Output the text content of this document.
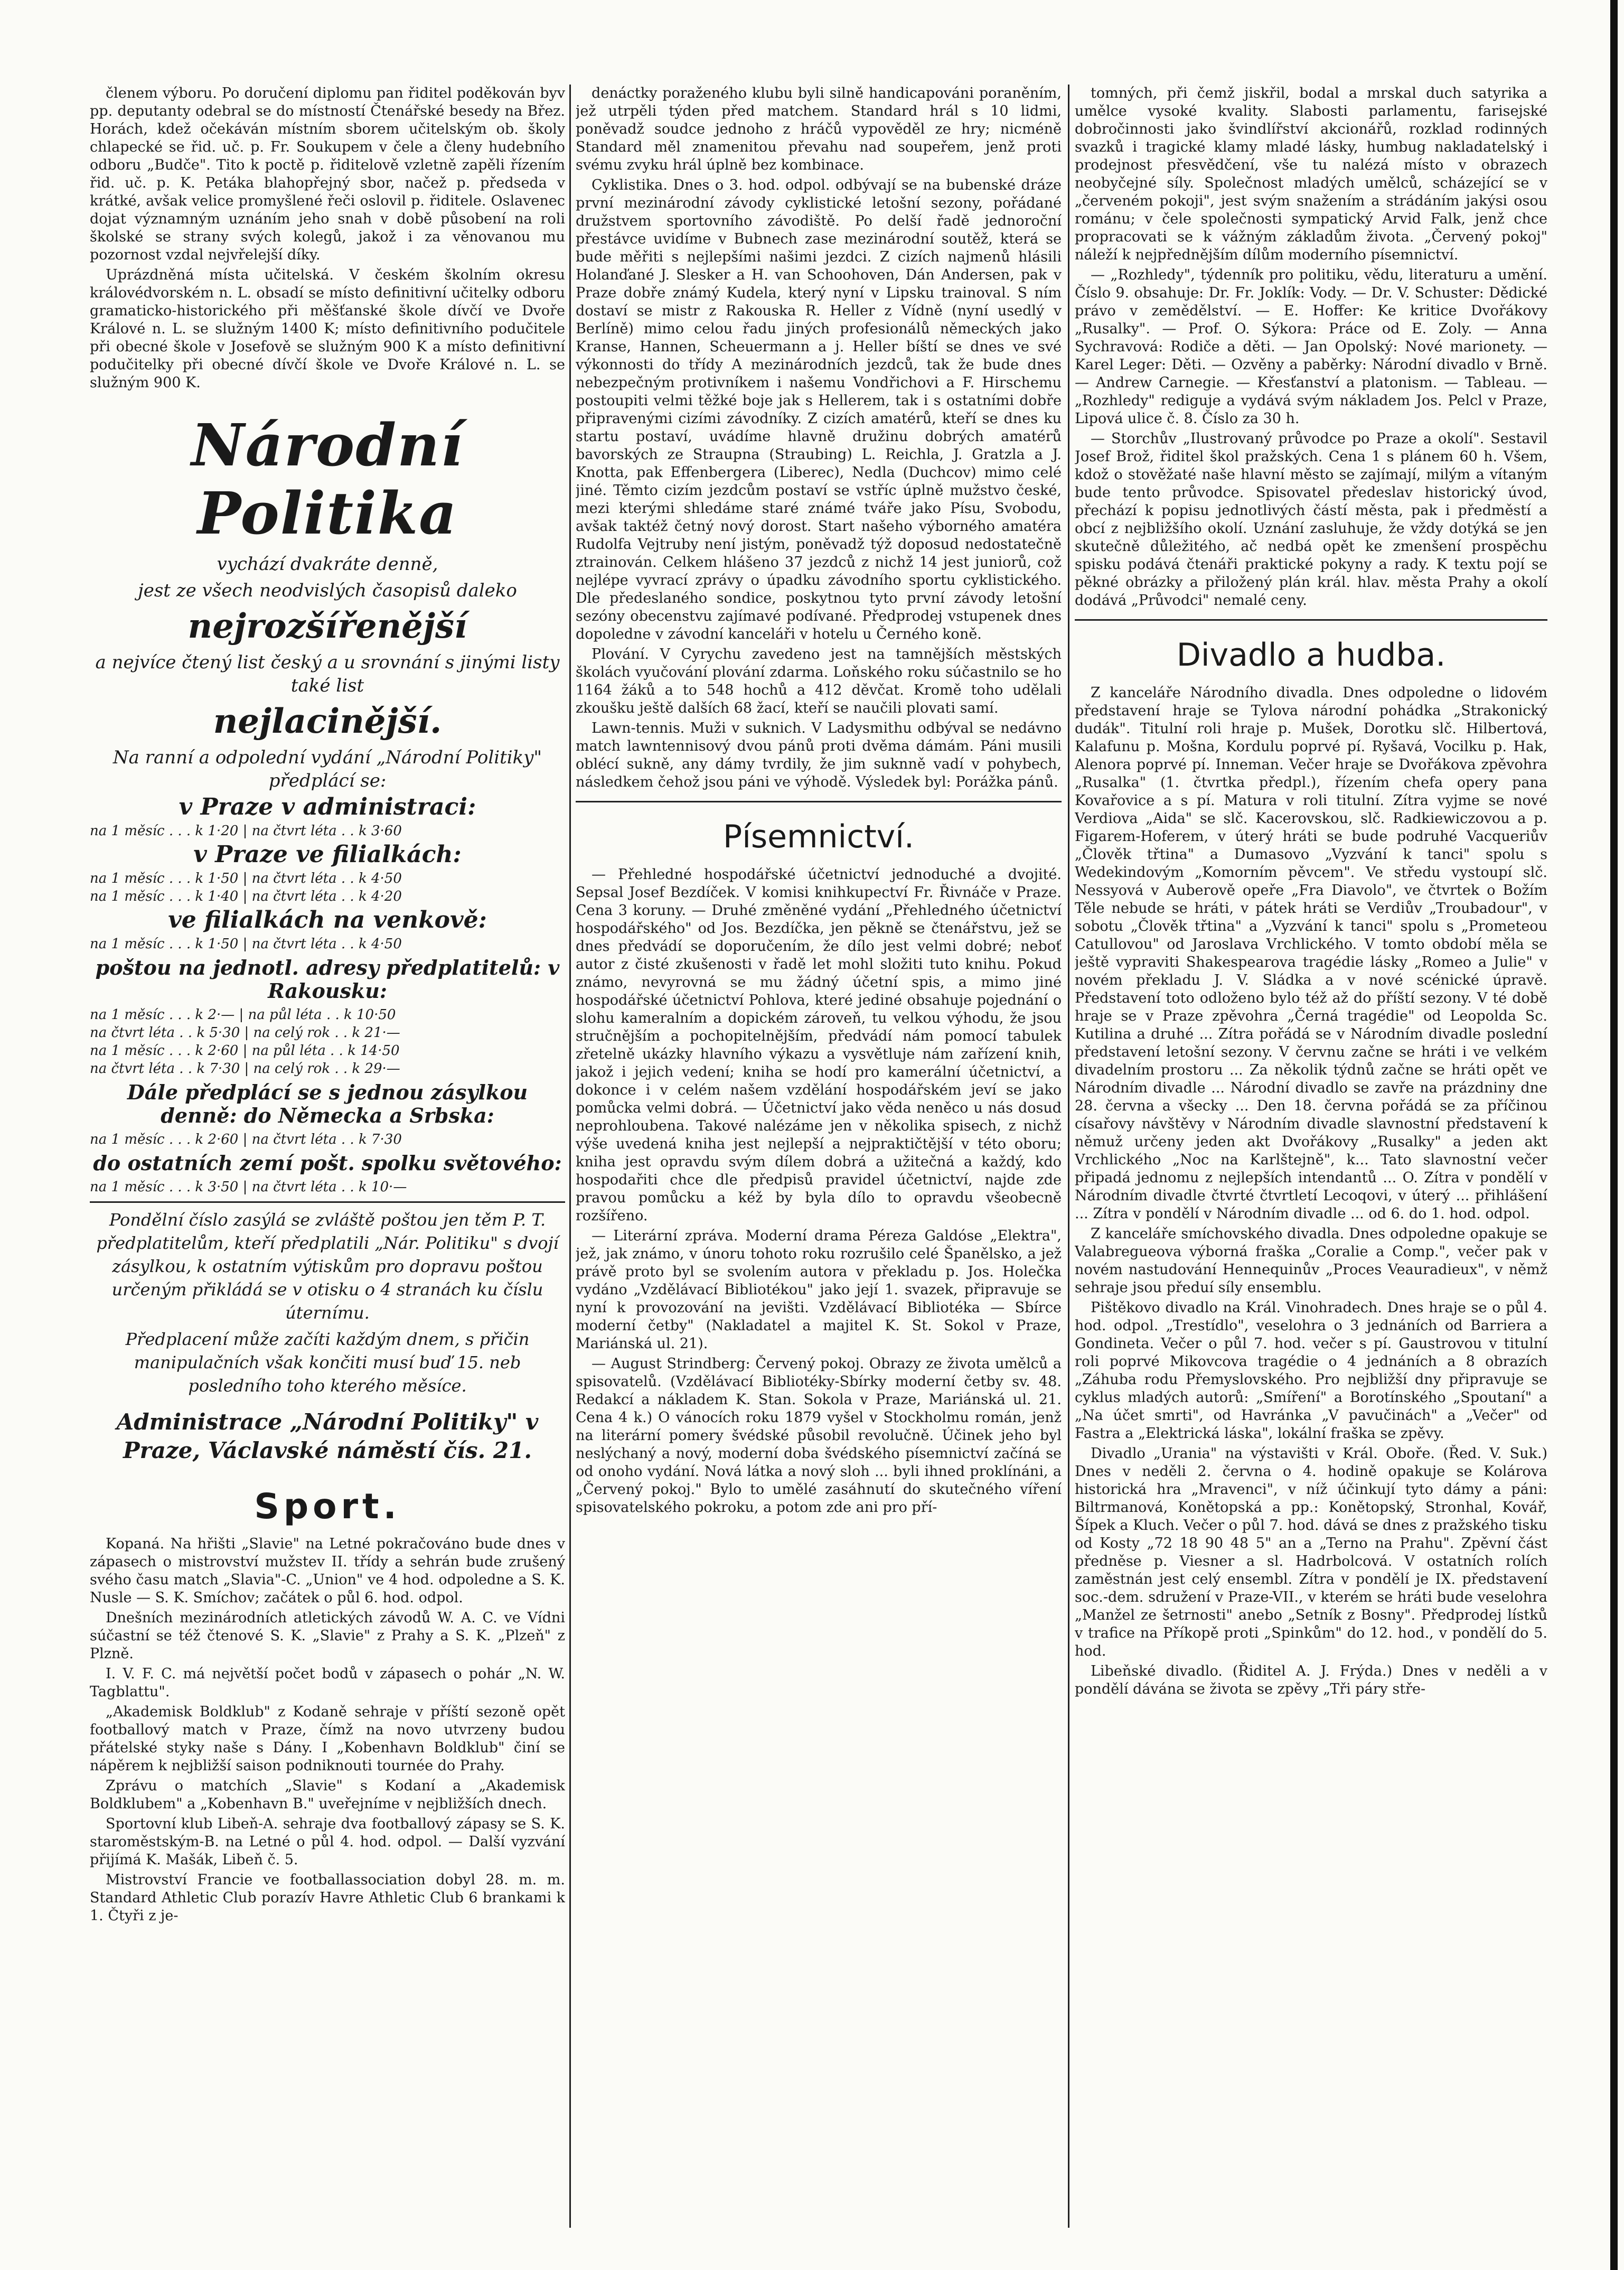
členem výboru. Po doručení diplomu pan řiditel poděkován byv pp. deputanty odebral se do místností Čtenářské besedy na Břez. Horách, kdež očekáván místním sborem učitelským ob. školy chlapecké se řid. uč. p. Fr. Soukupem v čele a členy hudebního odboru „Budče". Tito k poctě p. řiditelově vzletně zapěli řízením řid. uč. p. K. Petáka blahopřejný sbor, načež p. předseda v krátké, avšak velice promyšlené řeči oslovil p. řiditele. Oslavenec dojat významným uznáním jeho snah v době působení na roli školské se strany svých kolegů, jakož i za věnovanou mu pozornost vzdal nejvřelejší díky.

Uprázdněná místa učitelská. V českém školním okresu královédvorském n. L. obsadí se místo definitivní učitelky odboru gramaticko-historického při měšťanské škole dívčí ve Dvoře Králové n. L. se služným 1400 K; místo definitivního podučitele při obecné škole v Josefově se služným 900 K a místo definitivní podučitelky při obecné dívčí škole ve Dvoře Králové n. L. se služným 900 K.

Národní Politika
vychází dvakráte denně,
jest ze všech neodvislých časopisů daleko
nejrozšířenější
a nejvíce čtený list český a u srovnání s jinými listy také list
nejlacinější.
Na ranní a odpolední vydání „Národní Politiky" předplácí se:
v Praze v administraci:

na 1 měsíc . . . k 1·20 | na čtvrt léta . . k 3·60

v Praze ve filialkách:

na 1 měsíc . . . k 1·50 | na čtvrt léta . . k 4·50

na 1 měsíc . . . k 1·40 | na čtvrt léta . . k 4·20

ve filialkách na venkově:

na 1 měsíc . . . k 1·50 | na čtvrt léta . . k 4·50

poštou na jednotl. adresy předplatitelů: v Rakousku:

na 1 měsíc . . . k 2·— | na půl léta . . k 10·50

na čtvrt léta . . k 5·30 | na celý rok . . k 21·—

na 1 měsíc . . . k 2·60 | na půl léta . . k 14·50

na čtvrt léta . . k 7·30 | na celý rok . . k 29·—

Dále předplácí se s jednou zásylkou denně: do Německa a Srbska:

na 1 měsíc . . . k 2·60 | na čtvrt léta . . k 7·30

do ostatních zemí pošt. spolku světového:

na 1 měsíc . . . k 3·50 | na čtvrt léta . . k 10·—

Pondělní číslo zasýlá se zvláště poštou jen těm P. T. předplatitelům, kteří předplatili „Nár. Politiku" s dvojí zásylkou, k ostatním výtiskům pro dopravu poštou určeným přikládá se v otisku o 4 stranách ku číslu úternímu.
Předplacení může začíti každým dnem, s přičin manipulačních však končiti musí buď 15. neb posledního toho kterého měsíce.
Administrace „Národní Politiky" v Praze, Václavské náměstí čís. 21.
Sport.

Kopaná. Na hřišti „Slavie" na Letné pokračováno bude dnes v zápasech o mistrovství mužstev II. třídy a sehrán bude zrušený svého času match „Slavia"-C. „Union" ve 4 hod. odpoledne a S. K. Nusle — S. K. Smíchov; začátek o půl 6. hod. odpol.

Dnešních mezinárodních atletických závodů W. A. C. ve Vídni súčastní se též čtenové S. K. „Slavie" z Prahy a S. K. „Plzeň" z Plzně.

I. V. F. C. má největší počet bodů v zápasech o pohár „N. W. Tagblattu".

„Akademisk Boldklub" z Kodaně sehraje v příští sezoně opět footballový match v Praze, čímž na novo utvrzeny budou přátelské styky naše s Dány. I „Kobenhavn Boldklub" činí se nápěrem k nejbližší saison podniknouti tournée do Prahy.

Zprávu o matchích „Slavie" s Kodaní a „Akademisk Boldklubem" a „Kobenhavn B." uveřejníme v nejbližších dnech.

Sportovní klub Libeň-A. sehraje dva footballový zápasy se S. K. staroměstským-B. na Letné o půl 4. hod. odpol. — Další vyzvání přijímá K. Mašák, Libeň č. 5.

Mistrovství Francie ve footballassociation dobyl 28. m. m. Standard Athletic Club porazív Havre Athletic Club 6 brankami k 1. Čtyři z je-

denáctky poraženého klubu byli silně handicapováni poraněním, jež utrpěli týden před matchem. Standard hrál s 10 lidmi, poněvadž soudce jednoho z hráčů vypověděl ze hry; nicméně Standard měl znamenitou převahu nad soupeřem, jenž proti svému zvyku hrál úplně bez kombinace.

Cyklistika. Dnes o 3. hod. odpol. odbývají se na bubenské dráze první mezinárodní závody cyklistické letošní sezony, pořádané družstvem sportovního závodiště. Po delší řadě jednoroční přestávce uvidíme v Bubnech zase mezinárodní soutěž, která se bude měřiti s nejlepšími našimi jezdci. Z cizích najmenů hlásili Holanďané J. Slesker a H. van Schoohoven, Dán Andersen, pak v Praze dobře známý Kudela, který nyní v Lipsku trainoval. S ním dostaví se mistr z Rakouska R. Heller z Vídně (nyní usedlý v Berlíně) mimo celou řadu jiných profesionálů německých jako Kranse, Hannen, Scheuermann a j. Heller bíští se dnes ve své výkonnosti do třídy A mezinárodních jezdců, tak že bude dnes nebezpečným protivníkem i našemu Vondřichovi a F. Hirschemu postoupiti velmi těžké boje jak s Hellerem, tak i s ostatními dobře připravenými cizími závodníky. Z cizích amatérů, kteří se dnes ku startu postaví, uvádíme hlavně družinu dobrých amatérů bavorských ze Straupna (Straubing) L. Reichla, J. Gratzla a J. Knotta, pak Effenbergera (Liberec), Nedla (Duchcov) mimo celé jiné. Těmto cizím jezdcům postaví se vstříc úplně mužstvo české, mezi kterými shledáme staré známé tváře jako Písu, Svobodu, avšak taktéž četný nový dorost. Start našeho výborného amatéra Rudolfa Vejtruby není jistým, poněvadž týž doposud nedostatečně ztrainován. Celkem hlášeno 37 jezdců z nichž 14 jest juniorů, což nejlépe vyvrací zprávy o úpadku závodního sportu cyklistického. Dle předeslaného sondice, poskytnou tyto první závody letošní sezóny obecenstvu zajímavé podívané. Předprodej vstupenek dnes dopoledne v závodní kanceláři v hotelu u Černého koně.

Plování. V Cyrychu zavedeno jest na tamnějších městských školách vyučování plování zdarma. Loňského roku súčastnilo se ho 1164 žáků a to 548 hochů a 412 děvčat. Kromě toho udělali zkoušku ještě dalších 68 žací, kteří se naučili plovati samí.

Lawn-tennis. Muži v suknich. V Ladysmithu odbýval se nedávno match lawntennisový dvou pánů proti dvěma dámám. Páni musili oblécí sukně, any dámy tvrdily, že jim suknně vadí v pohybech, následkem čehož jsou páni ve výhodě. Výsledek byl: Porážka pánů.

Písemnictví.

— Přehledné hospodářské účetnictví jednoduché a dvojité. Sepsal Josef Bezdíček. V komisi knihkupectví Fr. Řivnáče v Praze. Cena 3 koruny. — Druhé změněné vydání „Přehledného účetnictví hospodářského" od Jos. Bezdíčka, jen pěkně se čtenářstvu, jež se dnes předvádí se doporučením, že dílo jest velmi dobré; neboť autor z čisté zkušenosti v řadě let mohl složiti tuto knihu. Pokud známo, nevyrovná se mu žádný účetní spis, a mimo jiné hospodářské účetnictví Pohlova, které jediné obsahuje pojednání o slohu kameralním a dopickém zároveň, tu velkou výhodu, že jsou stručnějším a pochopitelnějším, předvádí nám pomocí tabulek zřetelně ukázky hlavního výkazu a vysvětluje nám zařízení knih, jakož i jejich vedení; kniha se hodí pro kamerální účetnictví, a dokonce i v celém našem vzdělání hospodářském jeví se jako pomůcka velmi dobrá. — Účetnictví jako věda neněco u nás dosud neprohloubena. Takové nalézáme jen v několika spisech, z nichž výše uvedená kniha jest nejlepší a nejpraktičtější v této oboru; kniha jest opravdu svým dílem dobrá a užitečná a každý, kdo hospodařiti chce dle předpisů pravidel účetnictví, najde zde pravou pomůcku a kéž by byla dílo to opravdu všeobecně rozšířeno.

— Literární zpráva. Moderní drama Péreza Galdóse „Elektra", jež, jak známo, v únoru tohoto roku rozrušilo celé Španělsko, a jež právě proto byl se svolením autora v překladu p. Jos. Holečka vydáno „Vzdělávací Bibliotékou" jako její 1. svazek, připravuje se nyní k provozování na jevišti. Vzdělávací Bibliotéka — Sbírce moderní četby" (Nakladatel a majitel K. St. Sokol v Praze, Mariánská ul. 21).

— August Strindberg: Červený pokoj. Obrazy ze života umělců a spisovatelů. (Vzdělávací Bibliotéky-Sbírky moderní četby sv. 48. Redakcí a nákladem K. Stan. Sokola v Praze, Mariánská ul. 21. Cena 4 k.) O vánocích roku 1879 vyšel v Stockholmu román, jenž na literární pomery švédské působil revolučně. Účinek jeho byl neslýchaný a nový, moderní doba švédského písemnictví začíná se od onoho vydání. Nová látka a nový sloh ... byli ihned proklínáni, a „Červený pokoj." Bylo to umělé zasáhnutí do skutečného víření spisovatelského pokroku, a potom zde ani pro pří-

tomných, při čemž jiskřil, bodal a mrskal duch satyrika a umělce vysoké kvality. Slabosti parlamentu, farisejské dobročinnosti jako švindlířství akcionářů, rozklad rodinných svazků i tragické klamy mladé lásky, humbug nakladatelský i prodejnost přesvědčení, vše tu nalézá místo v obrazech neobyčejné síly. Společnost mladých umělců, scházející se v „červeném pokoji", jest svým snažením a strádáním jakýsi osou románu; v čele společnosti sympatický Arvid Falk, jenž chce propracovati se k vážným základům života. „Červený pokoj" náleží k nejpřednějším dílům moderního písemnictví.

— „Rozhledy", týdenník pro politiku, vědu, literaturu a umění. Číslo 9. obsahuje: Dr. Fr. Joklík: Vody. — Dr. V. Schuster: Dědické právo v zemědělství. — E. Hoffer: Ke kritice Dvořákovy „Rusalky". — Prof. O. Sýkora: Práce od E. Zoly. — Anna Sychravová: Rodiče a děti. — Jan Opolský: Nové marionety. — Karel Leger: Děti. — Ozvěny a paběrky: Národní divadlo v Brně. — Andrew Carnegie. — Křesťanství a platonism. — Tableau. — „Rozhledy" rediguje a vydává svým nákladem Jos. Pelcl v Praze, Lipová ulice č. 8. Číslo za 30 h.

— Storchův „Ilustrovaný průvodce po Praze a okolí". Sestavil Josef Brož, řiditel škol pražských. Cena 1 s plánem 60 h. Všem, kdož o stověžaté naše hlavní město se zajímají, milým a vítaným bude tento průvodce. Spisovatel předeslav historický úvod, přechází k popisu jednotlivých částí města, pak i předměstí a obcí z nejbližšího okolí. Uznání zasluhuje, že vždy dotýká se jen skutečně důležitého, ač nedbá opět ke zmenšení prospěchu spisku podává čtenáři praktické pokyny a rady. K textu pojí se pěkné obrázky a přiložený plán král. hlav. města Prahy a okolí dodává „Průvodci" nemalé ceny.

Divadlo a hudba.

Z kanceláře Národního divadla. Dnes odpoledne o lidovém představení hraje se Tylova národní pohádka „Strakonický dudák". Titulní roli hraje p. Mušek, Dorotku slč. Hilbertová, Kalafunu p. Mošna, Kordulu poprvé pí. Ryšavá, Vocilku p. Hak, Alenora poprvé pí. Inneman. Večer hraje se Dvořákova zpěvohra „Rusalka" (1. čtvrtka předpl.), řízením chefa opery pana Kovařovice a s pí. Matura v roli titulní. Zítra vyjme se nové Verdiova „Aida" se slč. Kacerovskou, slč. Radkiewiczovou a p. Figarem-Hoferem, v úterý hráti se bude podruhé Vacqueriův „Člověk třtina" a Dumasovo „Vyzvání k tanci" spolu s Wedekindovým „Komorním pěvcem". Ve středu vystoupí slč. Nessyová v Auberově opeře „Fra Diavolo", ve čtvrtek o Božím Těle nebude se hráti, v pátek hráti se Verdiův „Troubadour", v sobotu „Člověk třtina" a „Vyzvání k tanci" spolu s „Prometeou Catullovou" od Jaroslava Vrchlického. V tomto období měla se ještě vypraviti Shakespearova tragédie lásky „Romeo a Julie" v novém překladu J. V. Sládka a v nové scénické úpravě. Představení toto odloženo bylo též až do příští sezony. V té době hraje se v Praze zpěvohra „Černá tragédie" od Leopolda Sc. Kutilina a druhé ... Zítra pořádá se v Národním divadle poslední představení letošní sezony. V červnu začne se hráti i ve velkém divadelním prostoru ... Za několik týdnů začne se hráti opět ve Národním divadle ... Národní divadlo se zavře na prázdniny dne 28. června a všecky ... Den 18. června pořádá se za příčinou císařovy návštěvy v Národním divadle slavnostní představení k němuž určeny jeden akt Dvořákovy „Rusalky" a jeden akt Vrchlického „Noc na Karlštejně", k... Tato slavnostní večer připadá jednomu z nejlepších intendantů ... O. Zítra v pondělí v Národním divadle čtvrté čtvrtletí Lecoqovi, v úterý ... přihlášení ... Zítra v pondělí v Národním divadle ... od 6. do 1. hod. odpol.

Z kanceláře smíchovského divadla. Dnes odpoledne opakuje se Valabregueova výborná fraška „Coralie a Comp.", večer pak v novém nastudování Hennequinův „Proces Veauradieux", v němž sehraje jsou předuí síly ensemblu.

Pištěkovo divadlo na Král. Vinohradech. Dnes hraje se o půl 4. hod. odpol. „Trestídlo", veselohra o 3 jednáních od Barriera a Gondineta. Večer o půl 7. hod. večer s pí. Gaustrovou v titulní roli poprvé Mikovcova tragédie o 4 jednáních a 8 obrazích „Záhuba rodu Přemyslovského. Pro nejbližší dny připravuje se cyklus mladých autorů: „Smíření" a Borotínského „Spoutaní" a „Na účet smrti", od Havránka „V pavučinách" a „Večer" od Fastra a „Elektrická láska", lokální fraška se zpěvy.

Divadlo „Urania" na výstavišti v Král. Oboře. (Řed. V. Suk.) Dnes v neděli 2. června o 4. hodině opakuje se Kolárova historická hra „Mravenci", v níž účinkují tyto dámy a páni: Biltrmanová, Konětopská a pp.: Konětopský, Stronhal, Kovář, Šípek a Kluch. Večer o půl 7. hod. dává se dnes z pražského tisku od Kosty „72 18 90 48 5" an a „Terno na Prahu". Zpěvní část předněse p. Viesner a sl. Hadrbolcová. V ostatních rolích zaměstnán jest celý ensembl. Zítra v pondělí je IX. představení soc.-dem. sdružení v Praze-VII., v kterém se hráti bude veselohra „Manžel ze šetrnosti" anebo „Setník z Bosny". Předprodej lístků v trafice na Příkopě proti „Spinkům" do 12. hod., v pondělí do 5. hod.

Libeňské divadlo. (Řiditel A. J. Frýda.) Dnes v neděli a v pondělí dávána se života se zpěvy „Tři páry stře-
